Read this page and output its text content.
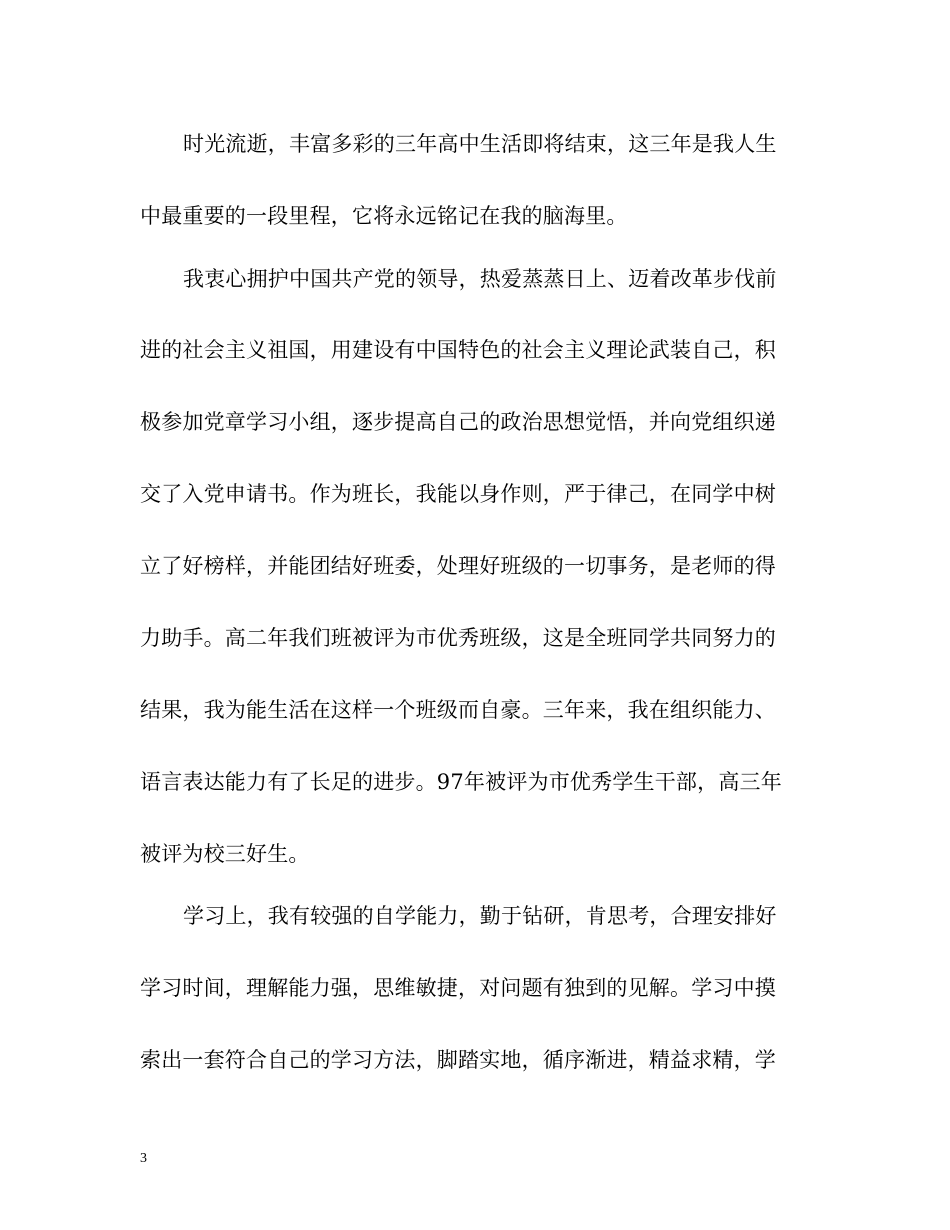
时光流逝，丰富多彩的三年高中生活即将结束，这三年是我人生
中最重要的一段里程，它将永远铭记在我的脑海里。
我衷心拥护中国共产党的领导，热爱蒸蒸日上、迈着改革步伐前
进的社会主义祖国，用建设有中国特色的社会主义理论武装自己，积
极参加党章学习小组，逐步提高自己的政治思想觉悟，并向党组织递
交了入党申请书。作为班长，我能以身作则，严于律己，在同学中树
立了好榜样，并能团结好班委，处理好班级的一切事务，是老师的得
力助手。高二年我们班被评为市优秀班级，这是全班同学共同努力的
结果，我为能生活在这样一个班级而自豪。三年来，我在组织能力、
语言表达能力有了长足的进步。97年被评为市优秀学生干部，高三年
被评为校三好生。
学习上，我有较强的自学能力，勤于钻研，肯思考，合理安排好
学习时间，理解能力强，思维敏捷，对问题有独到的见解。学习中摸
索出一套符合自己的学习方法，脚踏实地，循序渐进，精益求精，学
3
